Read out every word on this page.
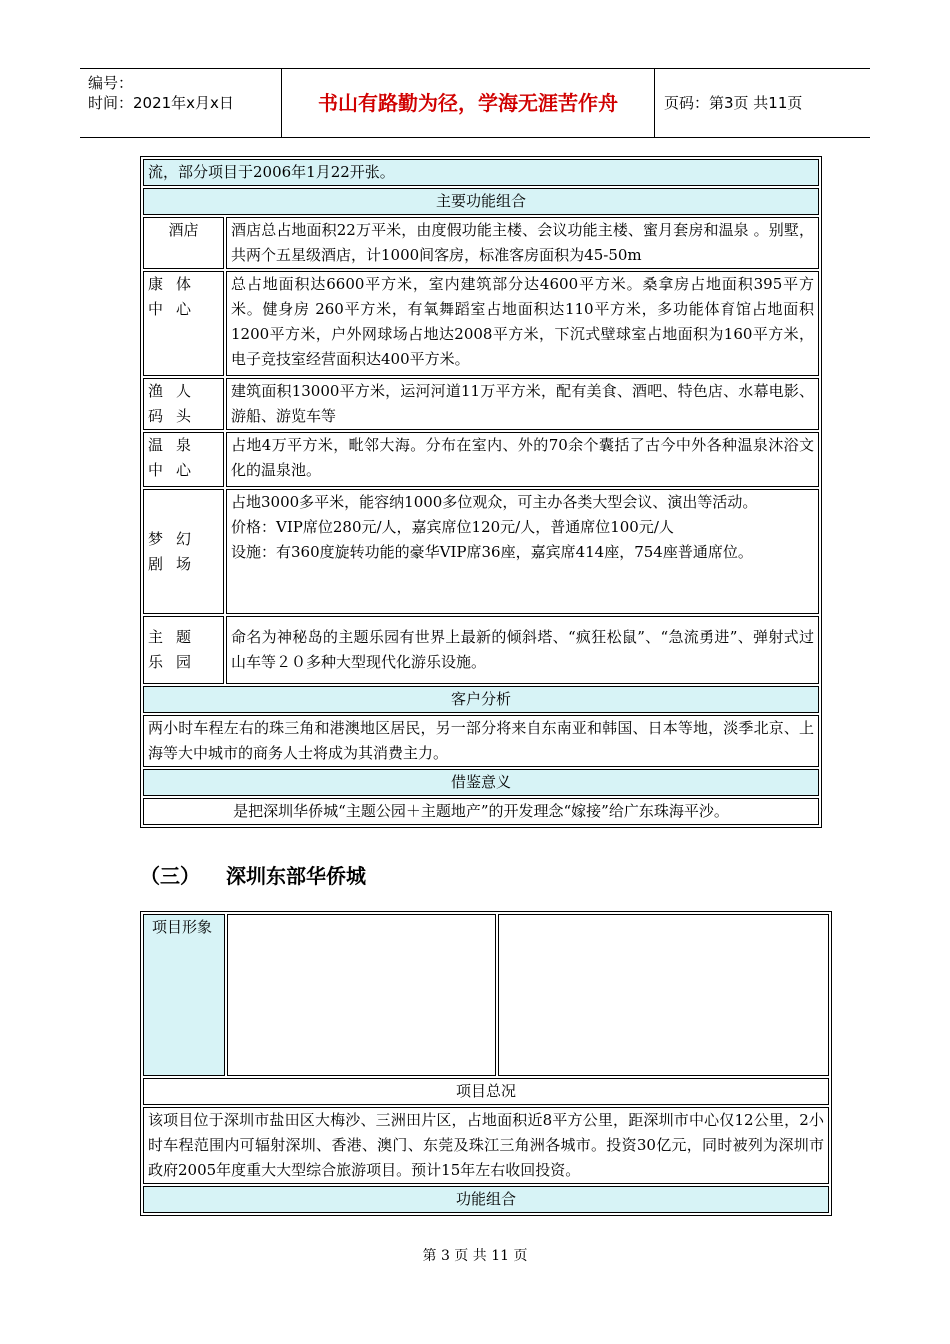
编号：
时间：2021年x月x日	书山有路勤为径，学海无涯苦作舟	页码：第3页 共11页
流，部分项目于2006年1月22开张。	
主要功能组合	
酒店	酒店总占地面积22万平米，由度假功能主楼、会议功能主楼、蜜月套房和温泉 。别墅，共两个五星级酒店，计1000间客房，标准客房面积为45-50m
康体中心	总占地面积达6600平方米，室内建筑部分达4600平方米。桑拿房占地面积395平方米。健身房 260平方米，有氧舞蹈室占地面积达110平方米，多功能体育馆占地面积1200平方米，户外网球场占地达2008平方米，下沉式壁球室占地面积为160平方米，电子竞技室经营面积达400平方米。
渔人码头	建筑面积13000平方米，运河河道11万平方米，配有美食、酒吧、特色店、水幕电影、游船、游览车等
温泉中心	占地4万平方米，毗邻大海。分布在室内、外的70余个囊括了古今中外各种温泉沐浴文化的温泉池。
梦幻剧场	占地3000多平米，能容纳1000多位观众，可主办各类大型会议、演出等活动。
价格：VIP席位280元/人，嘉宾席位120元/人，普通席位100元/人
设施：有360度旋转功能的豪华VIP席36座，嘉宾席414座，754座普通席位。

主题乐园	命名为神秘岛的主题乐园有世界上最新的倾斜塔、“疯狂松鼠”、“急流勇进”、弹射式过山车等２０多种大型现代化游乐设施。
客户分析	
两小时车程左右的珠三角和港澳地区居民，另一部分将来自东南亚和韩国、日本等地，淡季北京、上海等大中城市的商务人士将成为其消费主力。	
借鉴意义	
是把深圳华侨城“主题公园＋主题地产”的开发理念“嫁接”给广东珠海平沙。	
（三） 深圳东部华侨城
项目形象		
项目总况
该项目位于深圳市盐田区大梅沙、三洲田片区，占地面积近8平方公里，距深圳市中心仅12公里，2小时车程范围内可辐射深圳、香港、澳门、东莞及珠江三角洲各城市。投资30亿元，同时被列为深圳市政府2005年度重大大型综合旅游项目。预计15年左右收回投资。
功能组合
第 3 页 共 11 页
